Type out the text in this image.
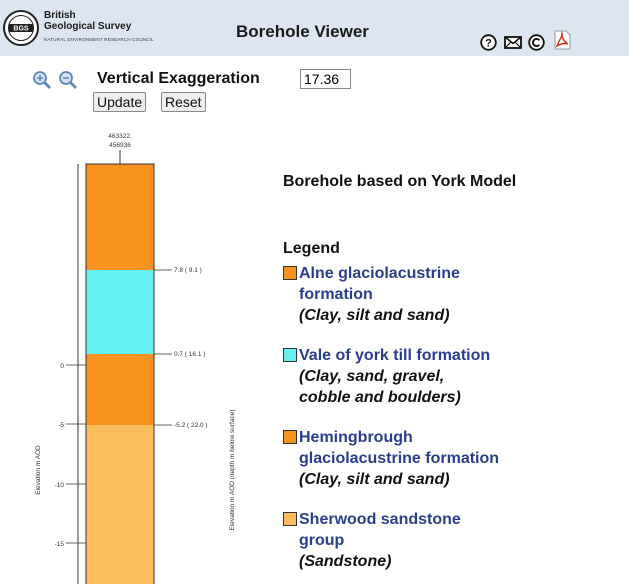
BGS
British
Geological Survey
NATURAL ENVIRONMENT RESEARCH COUNCIL	Borehole Viewer
?
Vertical Exaggeration
17.36
Update Reset
463322,
456936
7.8 ( 9.1 )
0.7 ( 16.1 )
-5.2 ( 22.0 )
0
-5
-10
-15
Elevation m AOD	Elevation m AOD (depth m below surface)
Borehole based on York Model
Legend
Alne glaciolacustrine
formation
(Clay, silt and sand)
Vale of york till formation
(Clay, sand, gravel,
cobble and boulders)
Hemingbrough
glaciolacustrine formation
(Clay, silt and sand)
Sherwood sandstone
group
(Sandstone)
